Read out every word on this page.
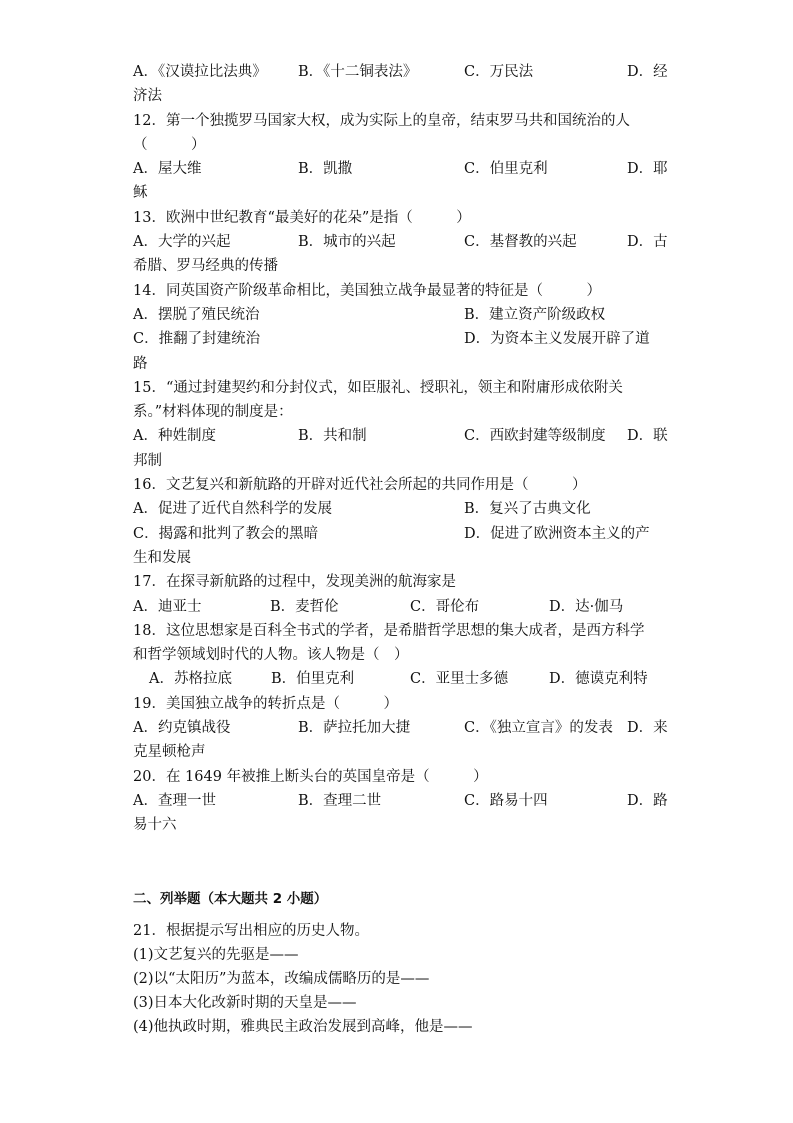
A．《汉谟拉比法典》 B．《十二铜表法》	C．万民法	D．经
济法
12．第一个独揽罗马国家大权，成为实际上的皇帝，结束罗马共和国统治的人
（　　　）
A．屋大维	B．凯撒	C．伯里克利	D．耶
稣
13．欧洲中世纪教育“最美好的花朵”是指（　　　）
A．大学的兴起	B．城市的兴起	C．基督教的兴起	D．古
希腊、罗马经典的传播
14．同英国资产阶级革命相比，美国独立战争最显著的特征是（　　　）
A．摆脱了殖民统治	B．建立资产阶级政权
C．推翻了封建统治	D．为资本主义发展开辟了道
路
15．“通过封建契约和分封仪式，如臣服礼、授职礼，领主和附庸形成依附关
系。”材料体现的制度是：
A．种姓制度	B．共和制	C．西欧封建等级制度 D．联
邦制
16．文艺复兴和新航路的开辟对近代社会所起的共同作用是（　　　）
A．促进了近代自然科学的发展	B．复兴了古典文化
C．揭露和批判了教会的黑暗	D．促进了欧洲资本主义的产
生和发展
17．在探寻新航路的过程中，发现美洲的航海家是
A．迪亚士	B．麦哲伦	C．哥伦布	D．达·伽马
18．这位思想家是百科全书式的学者，是希腊哲学思想的集大成者，是西方科学
和哲学领域划时代的人物。该人物是（　）
A．苏格拉底	B．伯里克利	C．亚里士多德	D．德谟克利特
19．美国独立战争的转折点是（　　　）
A．约克镇战役	B．萨拉托加大捷	C．《独立宣言》的发表 D．来
克星顿枪声
20．在 1649 年被推上断头台的英国皇帝是（　　　）
A．查理一世	B．查理二世	C．路易十四	D．路
易十六
二、列举题（本大题共 2 小题）
21．根据提示写出相应的历史人物。
(1)文艺复兴的先驱是——
(2)以“太阳历”为蓝本，改编成儒略历的是——
(3)日本大化改新时期的天皇是——
(4)他执政时期，雅典民主政治发展到高峰，他是——
